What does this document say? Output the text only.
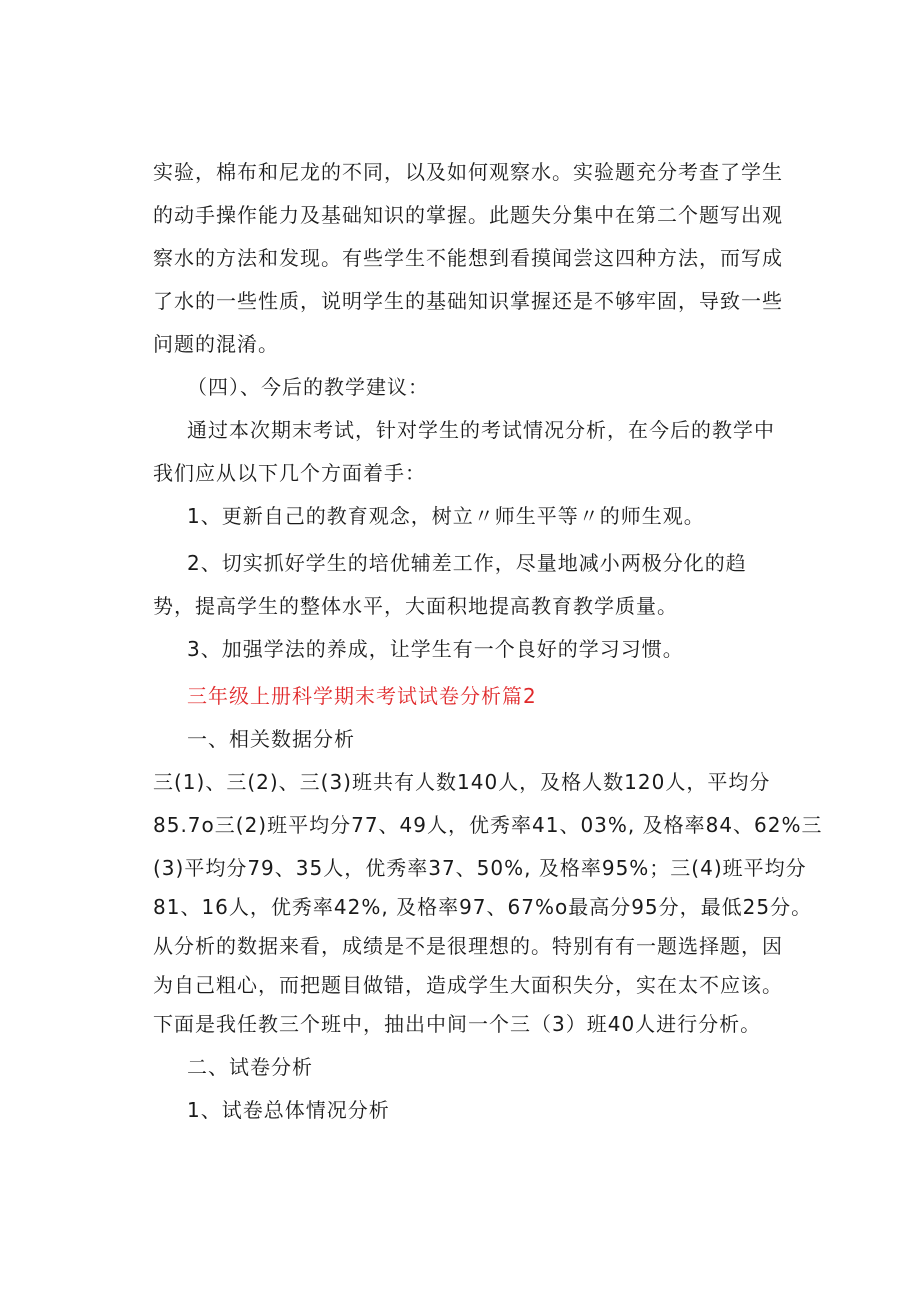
实验，棉布和尼龙的不同，以及如何观察水。实验题充分考查了学生
的动手操作能力及基础知识的掌握。此题失分集中在第二个题写出观
察水的方法和发现。有些学生不能想到看摸闻尝这四种方法，而写成
了水的一些性质，说明学生的基础知识掌握还是不够牢固，导致一些
问题的混淆。
（四）、今后的教学建议：
通过本次期末考试，针对学生的考试情况分析，在今后的教学中
我们应从以下几个方面着手：
1、更新自己的教育观念，树立〃师生平等〃的师生观。
2、切实抓好学生的培优辅差工作，尽量地减小两极分化的趋
势，提高学生的整体水平，大面积地提高教育教学质量。
3、加强学法的养成，让学生有一个良好的学习习惯。
三年级上册科学期末考试试卷分析篇2
一、相关数据分析
三(1)、三(2)、三(3)班共有人数140人，及格人数120人，平均分
85.7o三(2)班平均分77、49人，优秀率41、03%, 及格率84、62%三
(3)平均分79、35人，优秀率37、50%, 及格率95%；三(4)班平均分
81、16人，优秀率42%, 及格率97、67%o最高分95分，最低25分。
从分析的数据来看，成绩是不是很理想的。特别有有一题选择题，因
为自己粗心，而把题目做错，造成学生大面积失分，实在太不应该。
下面是我任教三个班中，抽出中间一个三（3）班40人进行分析。
二、试卷分析
1、试卷总体情况分析
